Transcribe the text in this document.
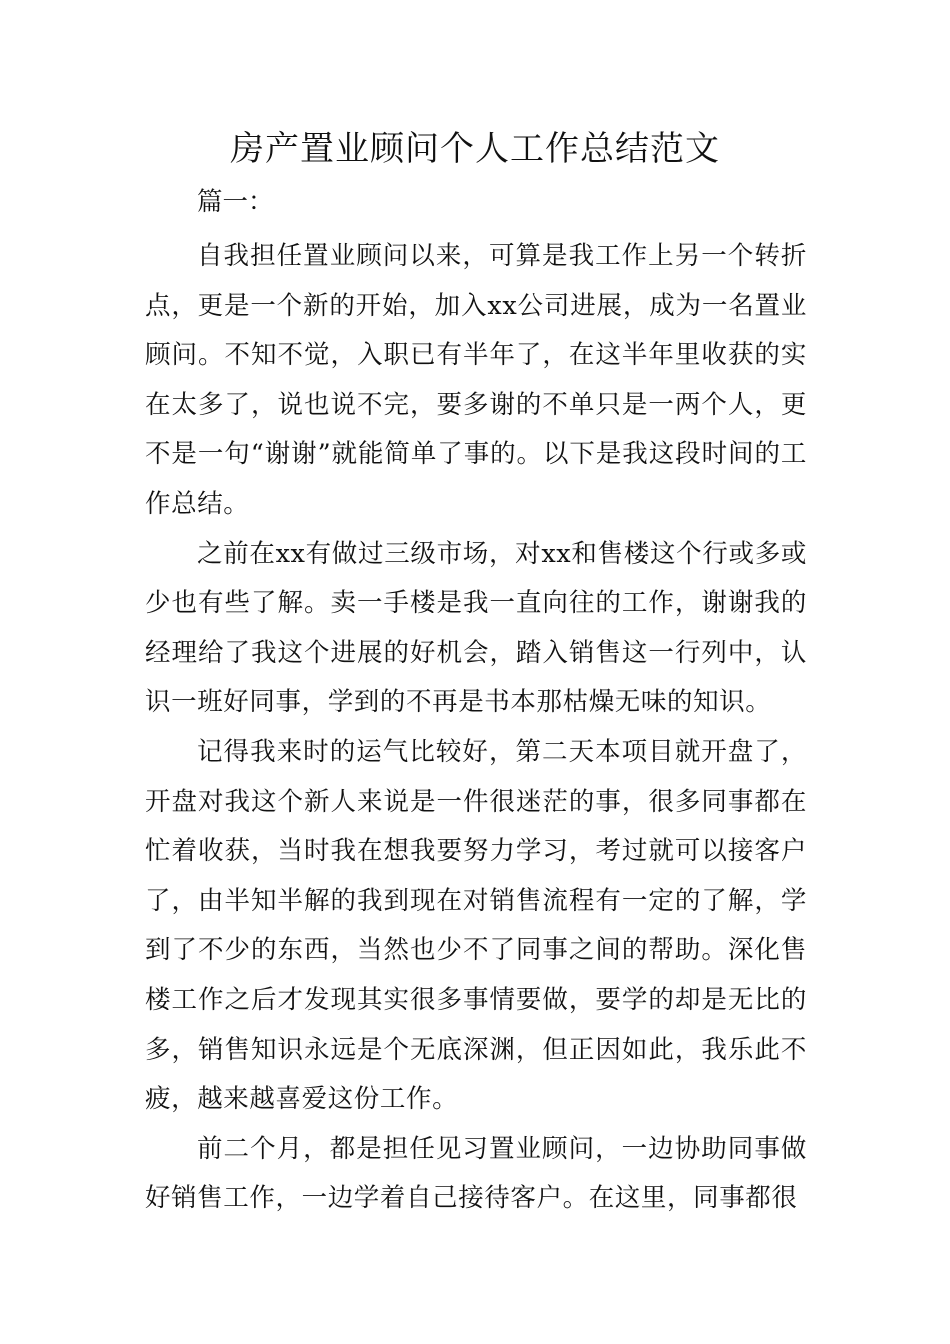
房产置业顾问个人工作总结范文

篇一：

自我担任置业顾问以来，可算是我工作上另一个转折点，更是一个新的开始，加入xx公司进展，成为一名置业顾问。不知不觉，入职已有半年了，在这半年里收获的实在太多了，说也说不完，要多谢的不单只是一两个人，更不是一句“谢谢”就能简单了事的。以下是我这段时间的工作总结。

之前在xx有做过三级市场，对xx和售楼这个行或多或少也有些了解。卖一手楼是我一直向往的工作，谢谢我的经理给了我这个进展的好机会，踏入销售这一行列中，认识一班好同事，学到的不再是书本那枯燥无味的知识。

记得我来时的运气比较好，第二天本项目就开盘了，开盘对我这个新人来说是一件很迷茫的事，很多同事都在忙着收获，当时我在想我要努力学习，考过就可以接客户了，由半知半解的我到现在对销售流程有一定的了解，学到了不少的东西，当然也少不了同事之间的帮助。深化售楼工作之后才发现其实很多事情要做，要学的却是无比的多，销售知识永远是个无底深渊，但正因如此，我乐此不疲，越来越喜爱这份工作。

前二个月，都是担任见习置业顾问，一边协助同事做好销售工作，一边学着自己接待客户。在这里，同事都很
